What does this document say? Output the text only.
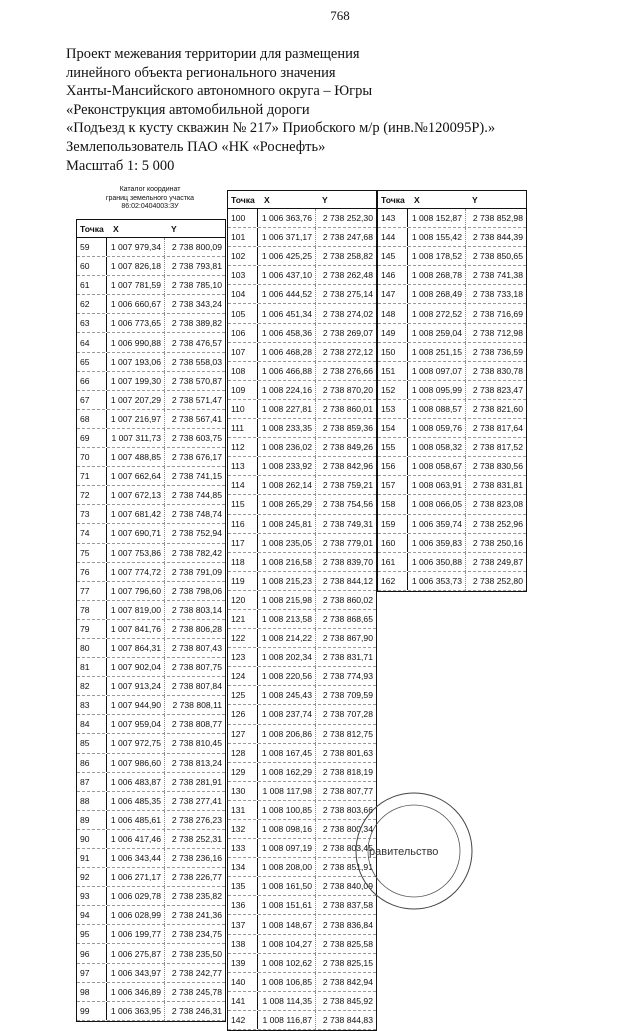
768
Проект межевания территории для размещения
линейного объекта регионального значения
Ханты-Мансийского автономного округа – Югры
«Реконструкция автомобильной дороги
«Подъезд к кусту скважин № 217» Приобского м/р (инв.№120095Р).»
Землепользователь ПАО «НК «Роснефть»
Масштаб 1: 5 000
Каталог координат
границ земельного участка
86:02:0404003:ЗУ
Точка	X	Y
59	1 007 979,34	2 738 800,09
60	1 007 826,18	2 738 793,81
61	1 007 781,59	2 738 785,10
62	1 006 660,67	2 738 343,24
63	1 006 773,65	2 738 389,82
64	1 006 990,88	2 738 476,57
65	1 007 193,06	2 738 558,03
66	1 007 199,30	2 738 570,87
67	1 007 207,29	2 738 571,47
68	1 007 216,97	2 738 567,41
69	1 007 311,73	2 738 603,75
70	1 007 488,85	2 738 676,17
71	1 007 662,64	2 738 741,15
72	1 007 672,13	2 738 744,85
73	1 007 681,42	2 738 748,74
74	1 007 690,71	2 738 752,94
75	1 007 753,86	2 738 782,42
76	1 007 774,72	2 738 791,09
77	1 007 796,60	2 738 798,06
78	1 007 819,00	2 738 803,14
79	1 007 841,76	2 738 806,28
80	1 007 864,31	2 738 807,43
81	1 007 902,04	2 738 807,75
82	1 007 913,24	2 738 807,84
83	1 007 944,90	2 738 808,11
84	1 007 959,04	2 738 808,77
85	1 007 972,75	2 738 810,45
86	1 007 986,60	2 738 813,24
87	1 006 483,87	2 738 281,91
88	1 006 485,35	2 738 277,41
89	1 006 485,61	2 738 276,23
90	1 006 417,46	2 738 252,31
91	1 006 343,44	2 738 236,16
92	1 006 271,17	2 738 226,77
93	1 006 029,78	2 738 235,82
94	1 006 028,99	2 738 241,36
95	1 006 199,77	2 738 234,75
96	1 006 275,87	2 738 235,50
97	1 006 343,97	2 738 242,77
98	1 006 346,89	2 738 245,78
99	1 006 363,95	2 738 246,31
Точка	X	Y
100	1 006 363,76	2 738 252,30
101	1 006 371,17	2 738 247,68
102	1 006 425,25	2 738 258,82
103	1 006 437,10	2 738 262,48
104	1 006 444,52	2 738 275,14
105	1 006 451,34	2 738 274,02
106	1 006 458,36	2 738 269,07
107	1 006 468,28	2 738 272,12
108	1 006 466,88	2 738 276,66
109	1 008 224,16	2 738 870,20
110	1 008 227,81	2 738 860,01
111	1 008 233,35	2 738 859,36
112	1 008 236,02	2 738 849,26
113	1 008 233,92	2 738 842,96
114	1 008 262,14	2 738 759,21
115	1 008 265,29	2 738 754,56
116	1 008 245,81	2 738 749,31
117	1 008 235,05	2 738 779,01
118	1 008 216,58	2 738 839,70
119	1 008 215,23	2 738 844,12
120	1 008 215,98	2 738 860,02
121	1 008 213,58	2 738 868,65
122	1 008 214,22	2 738 867,90
123	1 008 202,34	2 738 831,71
124	1 008 220,56	2 738 774,93
125	1 008 245,43	2 738 709,59
126	1 008 237,74	2 738 707,28
127	1 008 206,86	2 738 812,75
128	1 008 167,45	2 738 801,63
129	1 008 162,29	2 738 818,19
130	1 008 117,98	2 738 807,77
131	1 008 100,85	2 738 803,66
132	1 008 098,16	2 738 800,34
133	1 008 097,19	2 738 803,45
134	1 008 208,00	2 738 851,91
135	1 008 161,50	2 738 840,09
136	1 008 151,61	2 738 837,58
137	1 008 148,67	2 738 836,84
138	1 008 104,27	2 738 825,58
139	1 008 102,62	2 738 825,15
140	1 008 106,85	2 738 842,94
141	1 008 114,35	2 738 845,92
142	1 008 116,87	2 738 844,83
Точка	X	Y
143	1 008 152,87	2 738 852,98
144	1 008 155,42	2 738 844,39
145	1 008 178,52	2 738 850,65
146	1 008 268,78	2 738 741,38
147	1 008 268,49	2 738 733,18
148	1 008 272,52	2 738 716,69
149	1 008 259,04	2 738 712,98
150	1 008 251,15	2 738 736,59
151	1 008 097,07	2 738 830,78
152	1 008 095,99	2 738 823,47
153	1 008 088,57	2 738 821,60
154	1 008 059,76	2 738 817,64
155	1 008 058,32	2 738 817,52
156	1 008 058,67	2 738 830,56
157	1 008 063,91	2 738 831,81
158	1 008 066,05	2 738 823,08
159	1 006 359,74	2 738 252,96
160	1 006 359,83	2 738 250,16
161	1 006 350,88	2 738 249,87
162	1 006 353,73	2 738 252,80
равительство
